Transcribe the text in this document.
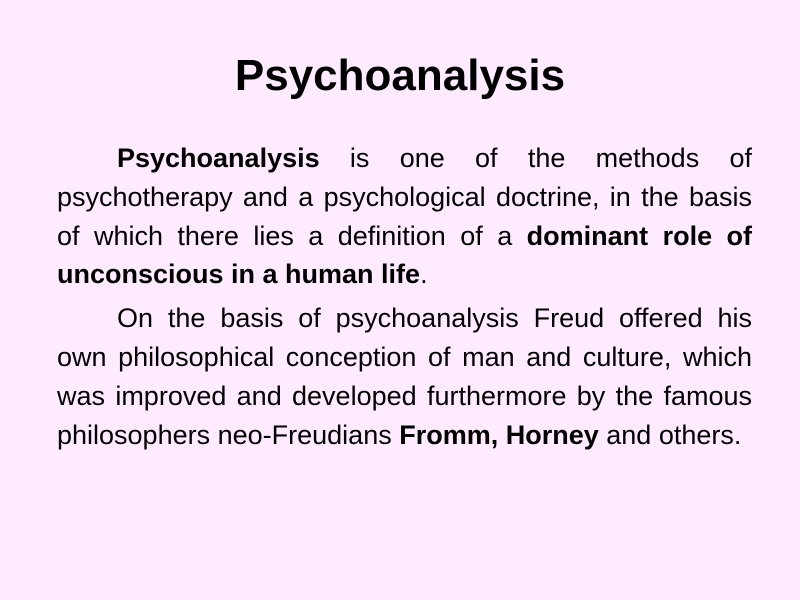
Psychoanalysis

Psychoanalysis is one of the methods of psychotherapy and a psychological doctrine, in the basis of which there lies a definition of a dominant role of unconscious in a human life.

On the basis of psychoanalysis Freud offered his own philosophical conception of man and culture, which was improved and developed furthermore by the famous philosophers neo-Freudians Fromm, Horney and others.
